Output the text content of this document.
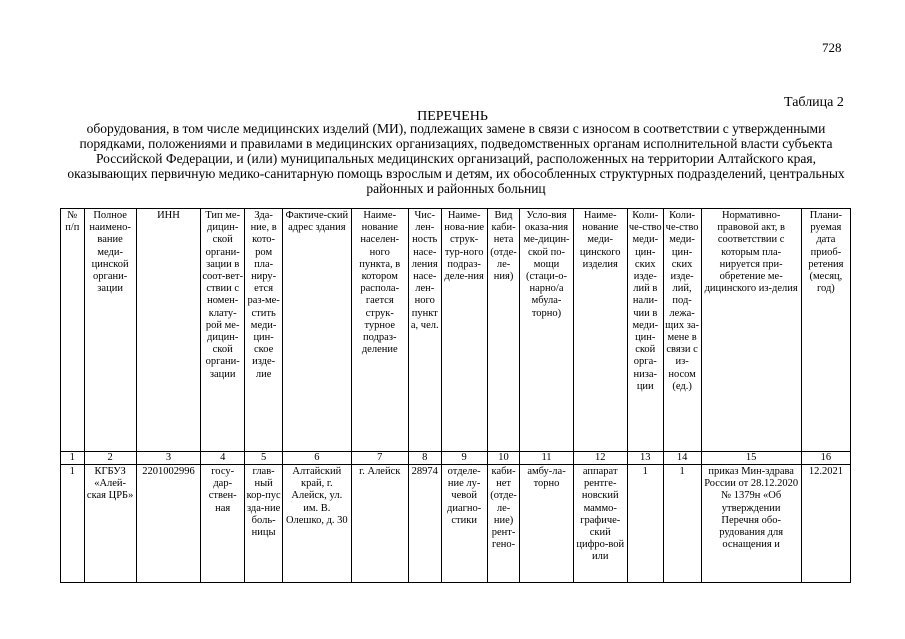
728
Таблица 2
ПЕРЕЧЕНЬ
оборудования, в том числе медицинских изделий (МИ), подлежащих замене в связи с износом в соответствии с утвержденными порядками, положениями и правилами в медицинских организациях, подведомственных органам исполнительной власти субъекта Российской Федерации, и (или) муниципальных медицинских организаций, расположенных на территории Алтайского края, оказывающих первичную медико-санитарную помощь взрослым и детям, их обособленных структурных подразделений, центральных районных и районных больниц
№ п/п	Полное наимено-вание меди-цинской органи-зации	ИНН	Тип ме-дицин-ской органи-зации в соот-вет-ствии с номен-клату-рой ме-дицин-ской органи-зации	Зда-ние, в кото-ром пла-ниру-ется раз-ме-стить меди-цин-ское изде-лие	Фактиче-ский адрес здания	Наиме-нование населен-ного пункта, в котором распола-гается струк-турное подраз-деление	Чис-лен-ность насе-ления насе-лен-ного пункт а, чел.	Наиме-нова-ние струк-тур-ного подраз-деле-ния	Вид каби-нета (отде-ле-ния)	Усло-вия оказа-ния ме-дицин-ской по-мощи (стаци-о-нарно/а мбула-торно)	Наиме-нование меди-цинского изделия	Коли-че-ство меди-цин-ских изде-лий в нали-чии в меди-цин-ской орга-низа-ции	Коли-че-ство меди-цин-ских изде-лий, под-лежа-щих за-мене в связи с из-носом (ед.)	Нормативно-правовой акт, в соответствии с которым пла-нируется при-обретение ме-дицинского из-делия	Плани-руемая дата приоб-ретения (месяц, год)
1	2	3	4	5	6	7	8	9	10	11	12	13	14	15	16
1	КГБУЗ «Алей-ская ЦРБ»	2201002996	госу-дар-ствен-ная	глав-ный кор-пус зда-ние боль-ницы	Алтайский край, г. Алейск, ул. им. В. Олешко, д. 30	г. Алейск	28974	отделе-ние лу-чевой диагно-стики	каби-нет (отде-ле-ние) рент-гено-	амбу-ла-торно	аппарат рентге-новский маммо-графиче-ский цифро-вой или	1	1	приказ Мин-здрава России от 28.12.2020 № 1379н «Об утверждении Перечня обо-рудования для оснащения и	12.2021
